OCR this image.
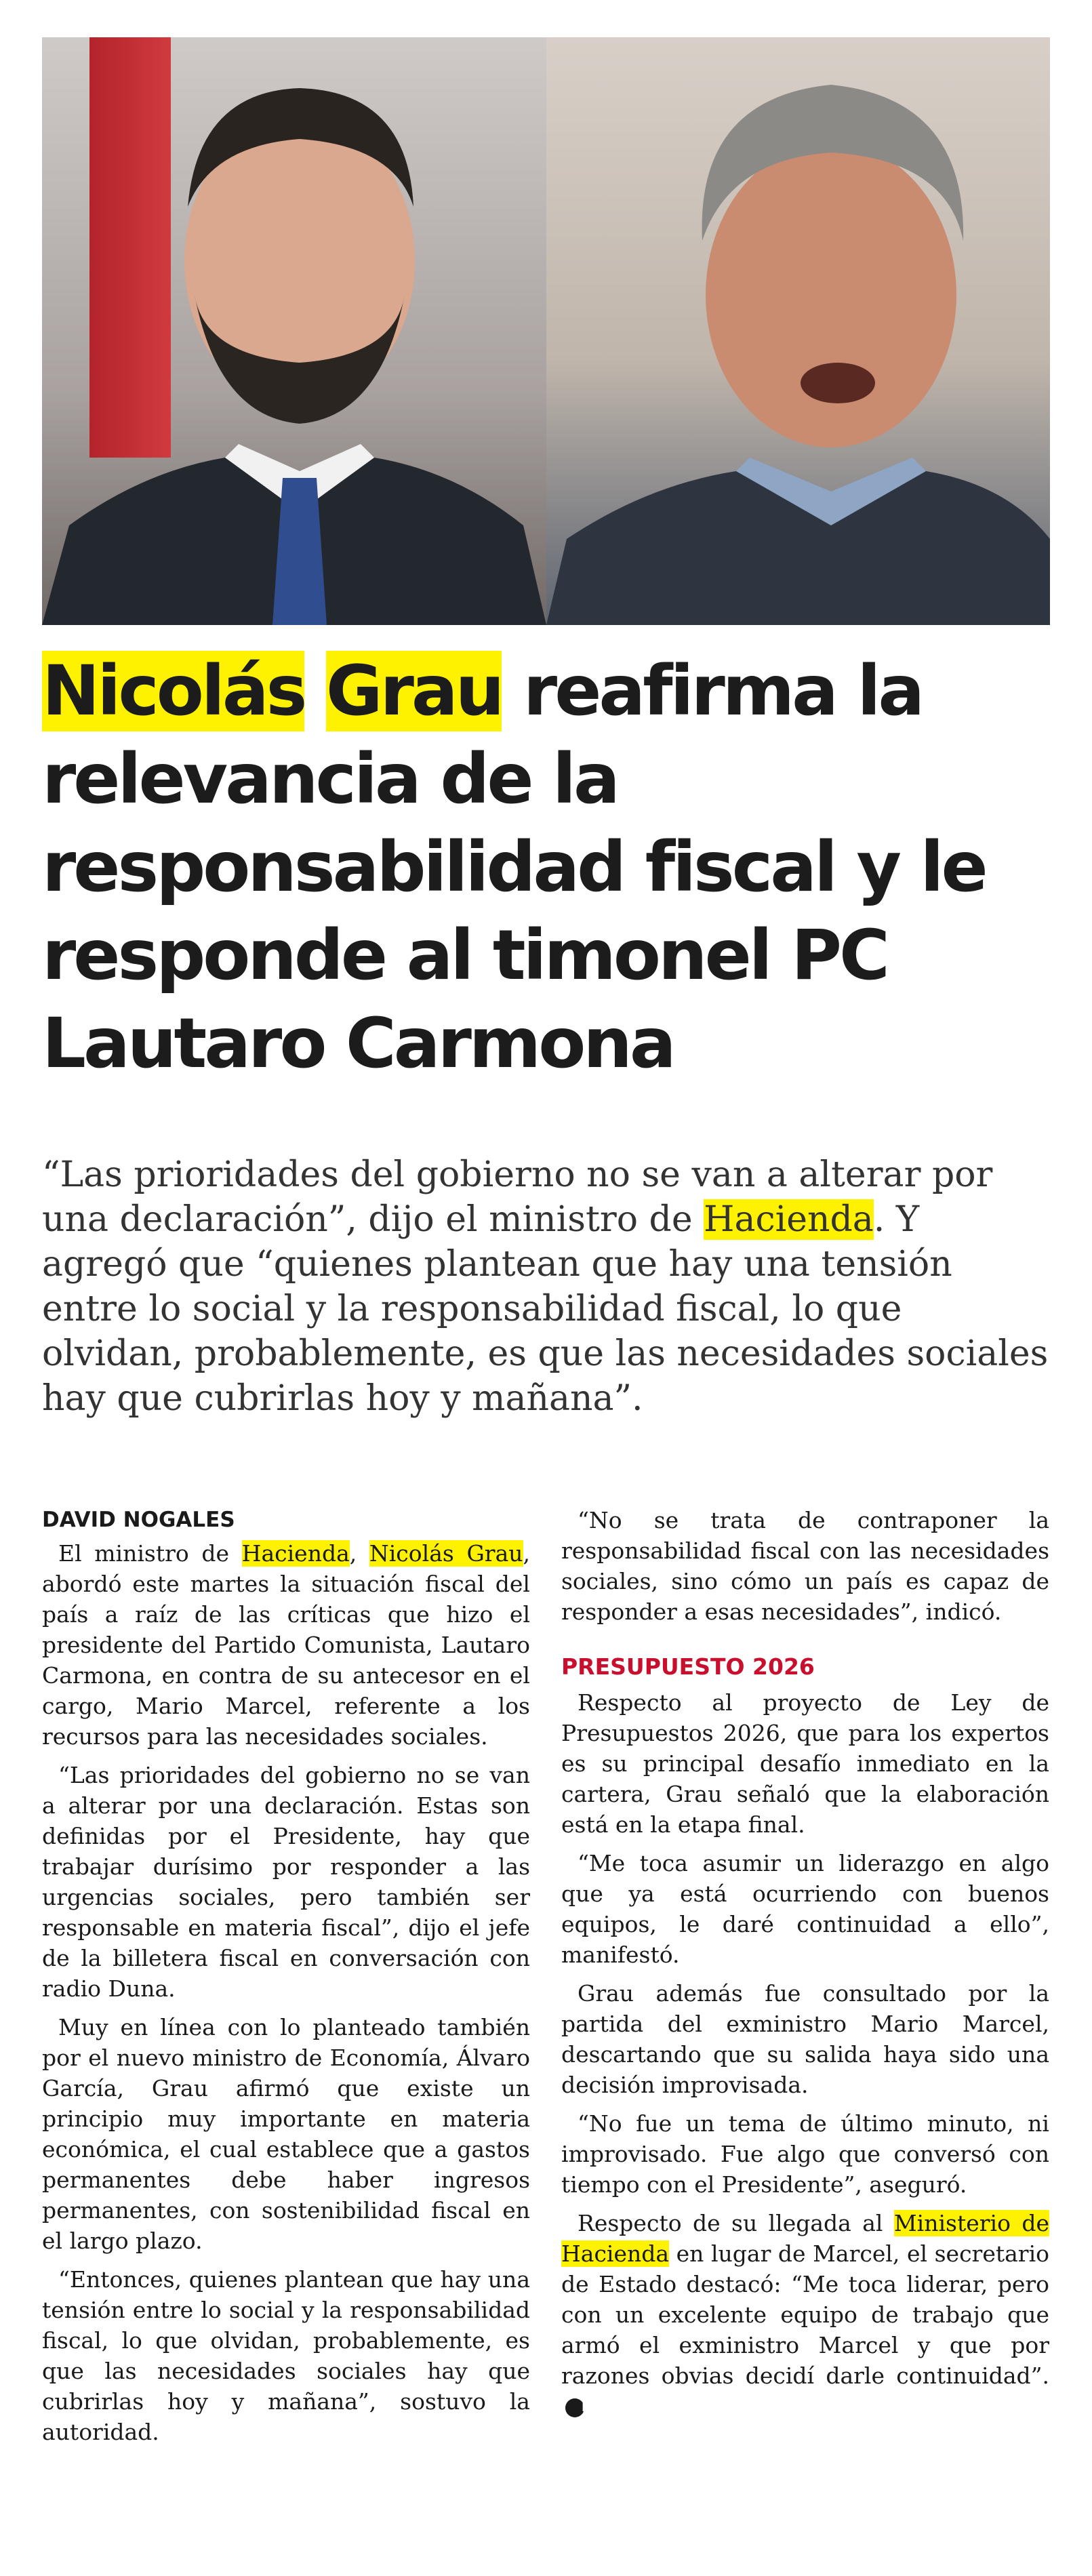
Nicolás Grau reafirma la relevancia de la responsabilidad fiscal y le responde al timonel PC Lautaro Carmona

“Las prioridades del gobierno no se van a alterar por una declaración”, dijo el ministro de Hacienda. Y agregó que “quienes plantean que hay una tensión entre lo social y la responsabilidad fiscal, lo que olvidan, probablemente, es que las necesidades sociales hay que cubrirlas hoy y mañana”.

DAVID NOGALES

El ministro de Hacienda, Nicolás Grau, abordó este martes la situación fiscal del país a raíz de las críticas que hizo el presidente del Partido Comunista, Lautaro Carmona, en contra de su antecesor en el cargo, Mario Marcel, referente a los recursos para las necesidades sociales.

“Las prioridades del gobierno no se van a alterar por una declaración. Estas son definidas por el Presidente, hay que trabajar durísimo por responder a las urgencias sociales, pero también ser responsable en materia fiscal”, dijo el jefe de la billetera fiscal en conversación con radio Duna.

Muy en línea con lo planteado también por el nuevo ministro de Economía, Álvaro García, Grau afirmó que existe un principio muy importante en materia económica, el cual establece que a gastos permanentes debe haber ingresos permanentes, con sostenibilidad fiscal en el largo plazo.

“Entonces, quienes plantean que hay una tensión entre lo social y la responsabilidad fiscal, lo que olvidan, probablemente, es que las necesidades sociales hay que cubrirlas hoy y mañana”, sostuvo la autoridad.

“No se trata de contraponer la responsabilidad fiscal con las necesidades sociales, sino cómo un país es capaz de responder a esas necesidades”, indicó.

PRESUPUESTO 2026

Respecto al proyecto de Ley de Presupuestos 2026, que para los expertos es su principal desafío inmediato en la cartera, Grau señaló que la elaboración está en la etapa final.

“Me toca asumir un liderazgo en algo que ya está ocurriendo con buenos equipos, le daré continuidad a ello”, manifestó.

Grau además fue consultado por la partida del exministro Mario Marcel, descartando que su salida haya sido una decisión improvisada.

“No fue un tema de último minuto, ni improvisado. Fue algo que conversó con tiempo con el Presidente”, aseguró.

Respecto de su llegada al Ministerio de Hacienda en lugar de Marcel, el secretario de Estado destacó: “Me toca liderar, pero con un excelente equipo de trabajo que armó el exministro Marcel y que por razones obvias decidí darle continuidad”.P
